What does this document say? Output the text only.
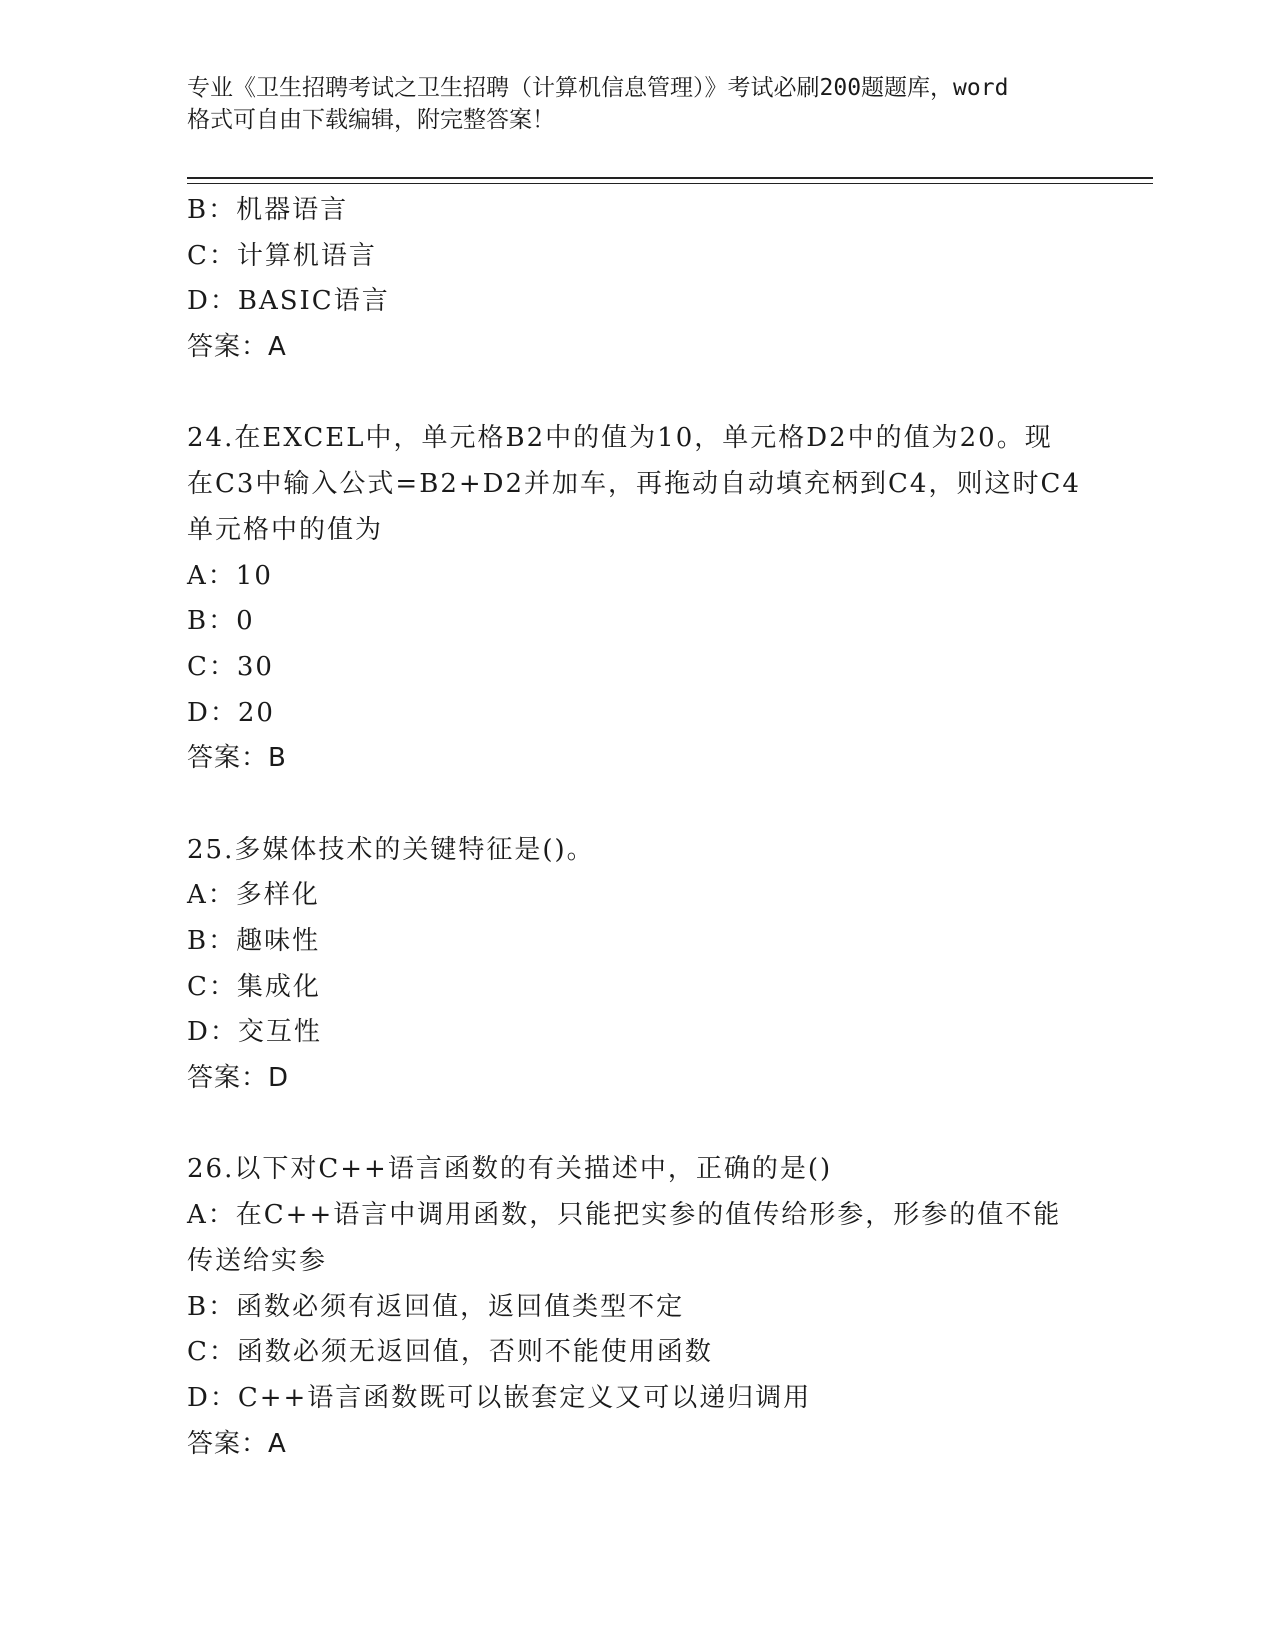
专业《卫生招聘考试之卫生招聘（计算机信息管理）》考试必刷200题题库，word
格式可自由下载编辑，附完整答案！
B：机器语言
C：计算机语言
D：BASIC语言
答案：A
24.在EXCEL中，单元格B2中的值为10，单元格D2中的值为20。现
在C3中输入公式=B2+D2并加车，再拖动自动填充柄到C4，则这时C4
单元格中的值为
A：10
B：0
C：30
D：20
答案：B
25.多媒体技术的关键特征是()。
A：多样化
B：趣味性
C：集成化
D：交互性
答案：D
26.以下对C++语言函数的有关描述中，正确的是()
A：在C++语言中调用函数，只能把实参的值传给形参，形参的值不能
传送给实参
B：函数必须有返回值，返回值类型不定
C：函数必须无返回值，否则不能使用函数
D：C++语言函数既可以嵌套定义又可以递归调用
答案：A
